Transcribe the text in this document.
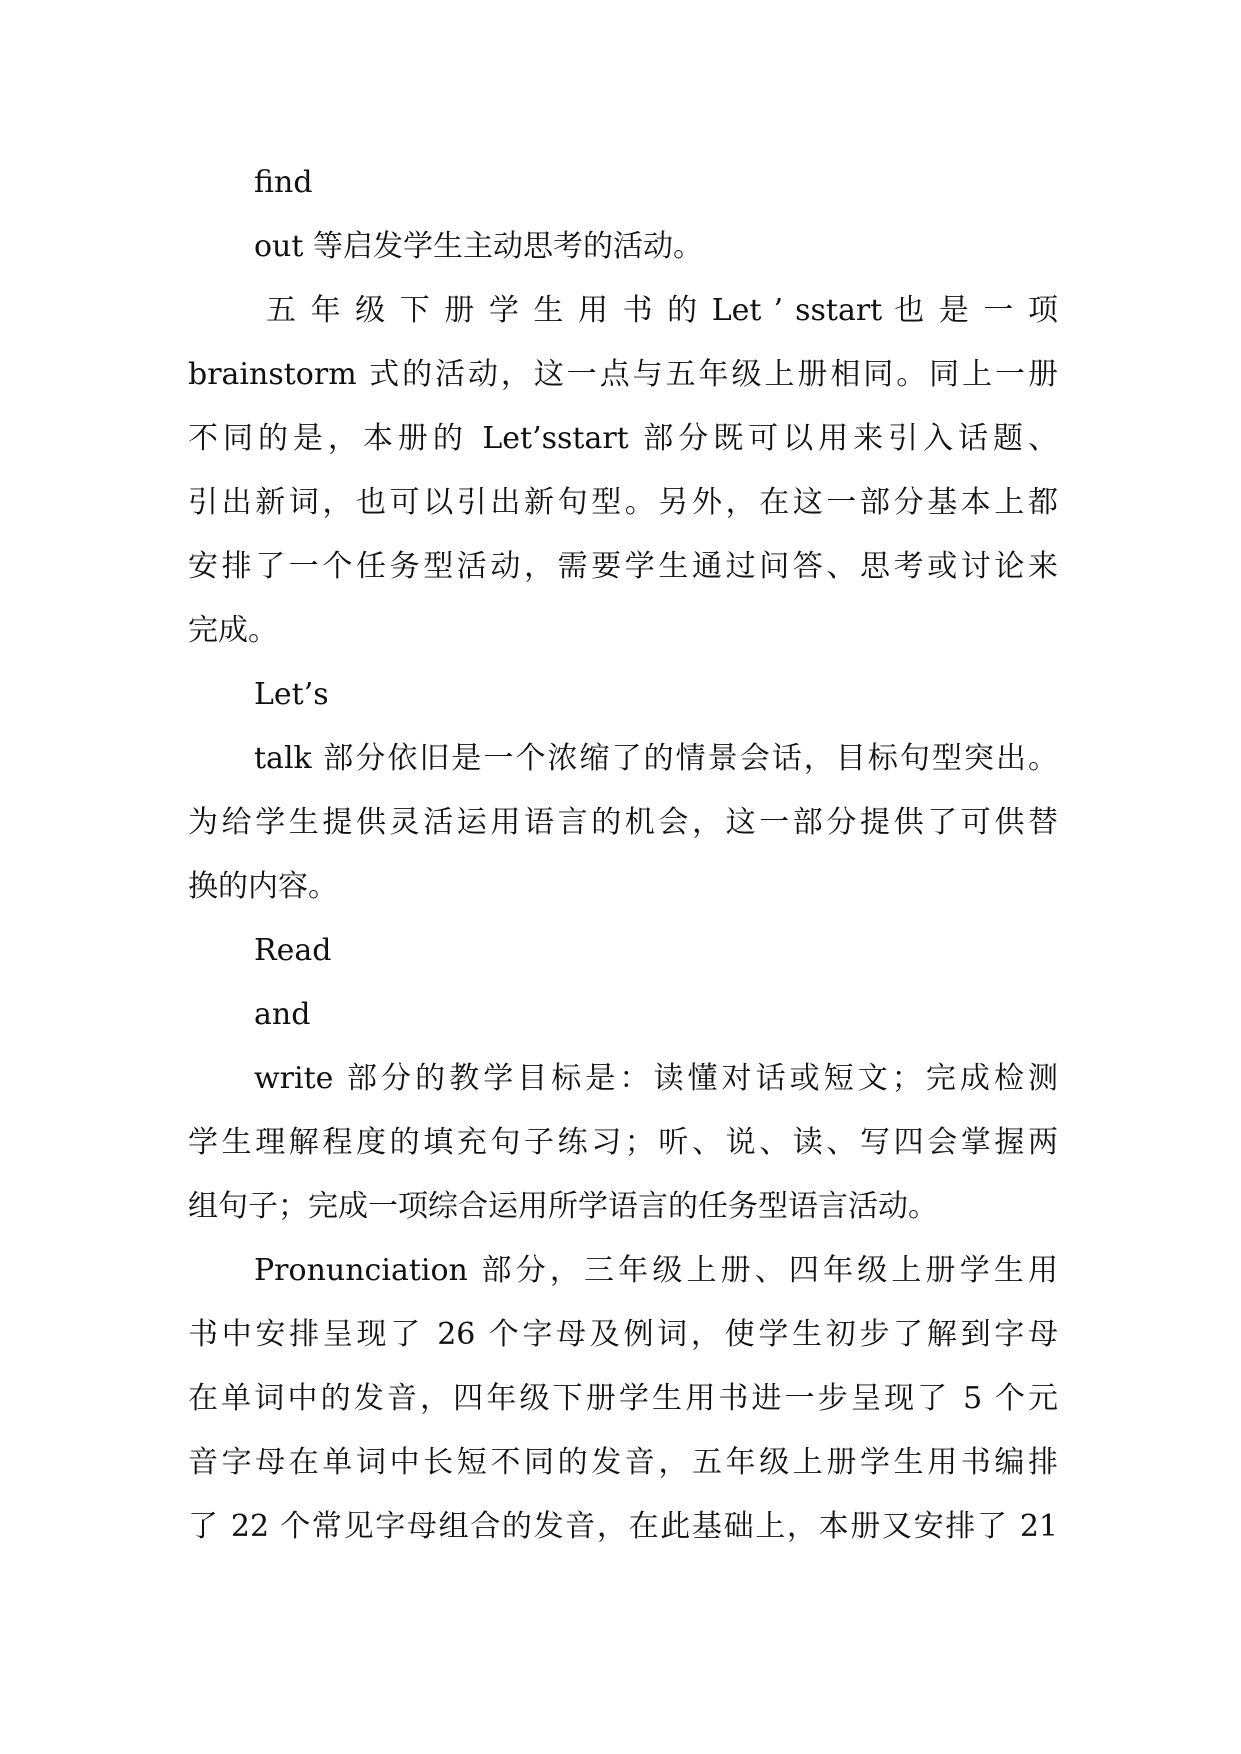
find
out 等启发学生主动思考的活动。
五 年 级 下 册 学 生 用 书 的 Let ’ sstart 也 是 一 项
brainstorm 式的活动，这一点与五年级上册相同。同上一册
不同的是，本册的 Let’sstart 部分既可以用来引入话题、
引出新词，也可以引出新句型。另外，在这一部分基本上都
安排了一个任务型活动，需要学生通过问答、思考或讨论来
完成。
Let’s
talk 部分依旧是一个浓缩了的情景会话，目标句型突出。
为给学生提供灵活运用语言的机会，这一部分提供了可供替
换的内容。
Read
and
write 部分的教学目标是：读懂对话或短文；完成检测
学生理解程度的填充句子练习；听、说、读、写四会掌握两
组句子；完成一项综合运用所学语言的任务型语言活动。
Pronunciation 部分，三年级上册、四年级上册学生用
书中安排呈现了 26 个字母及例词，使学生初步了解到字母
在单词中的发音，四年级下册学生用书进一步呈现了 5 个元
音字母在单词中长短不同的发音，五年级上册学生用书编排
了 22 个常见字母组合的发音，在此基础上，本册又安排了 21
